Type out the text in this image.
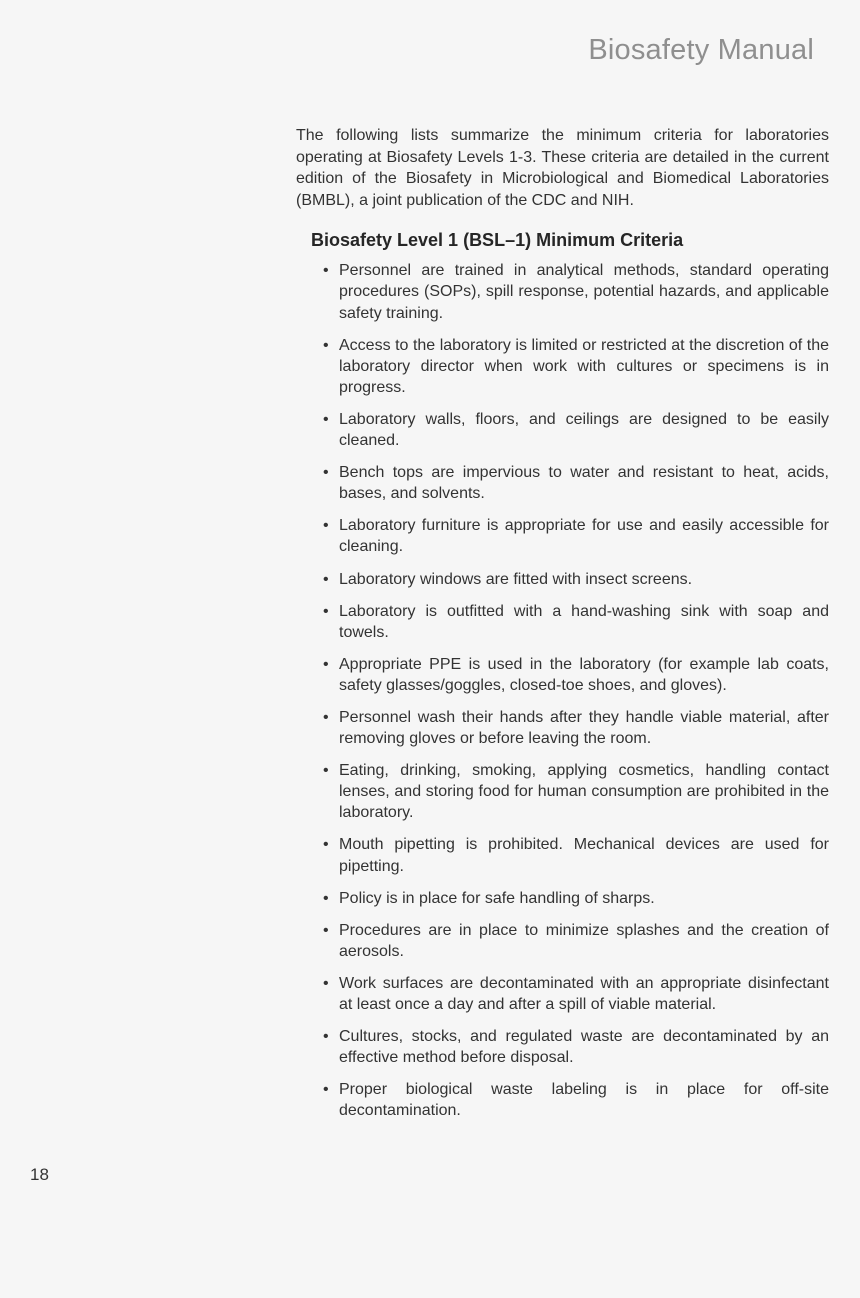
Biosafety Manual

The following lists summarize the minimum criteria for laboratories operating at Biosafety Levels 1-3. These criteria are detailed in the current edition of the Biosafety in Microbiological and Biomedical Laboratories (BMBL), a joint publication of the CDC and NIH.

Biosafety Level 1 (BSL–1) Minimum Criteria
• Personnel are trained in analytical methods, standard operating procedures (SOPs), spill response, potential hazards, and applicable safety training.
• Access to the laboratory is limited or restricted at the discretion of the laboratory director when work with cultures or specimens is in progress.
• Laboratory walls, floors, and ceilings are designed to be easily cleaned.
• Bench tops are impervious to water and resistant to heat, acids, bases, and solvents.
• Laboratory furniture is appropriate for use and easily accessible for cleaning.
• Laboratory windows are fitted with insect screens.
• Laboratory is outfitted with a hand-washing sink with soap and towels.
• Appropriate PPE is used in the laboratory (for example lab coats, safety glasses/goggles, closed-toe shoes, and gloves).
• Personnel wash their hands after they handle viable material, after removing gloves or before leaving the room.
• Eating, drinking, smoking, applying cosmetics, handling contact lenses, and storing food for human consumption are prohibited in the laboratory.
• Mouth pipetting is prohibited. Mechanical devices are used for pipetting.
• Policy is in place for safe handling of sharps.
• Procedures are in place to minimize splashes and the creation of aerosols.
• Work surfaces are decontaminated with an appropriate disinfectant at least once a day and after a spill of viable material.
• Cultures, stocks, and regulated waste are decontaminated by an effective method before disposal.
• Proper biological waste labeling is in place for off-site decontamination.
18
